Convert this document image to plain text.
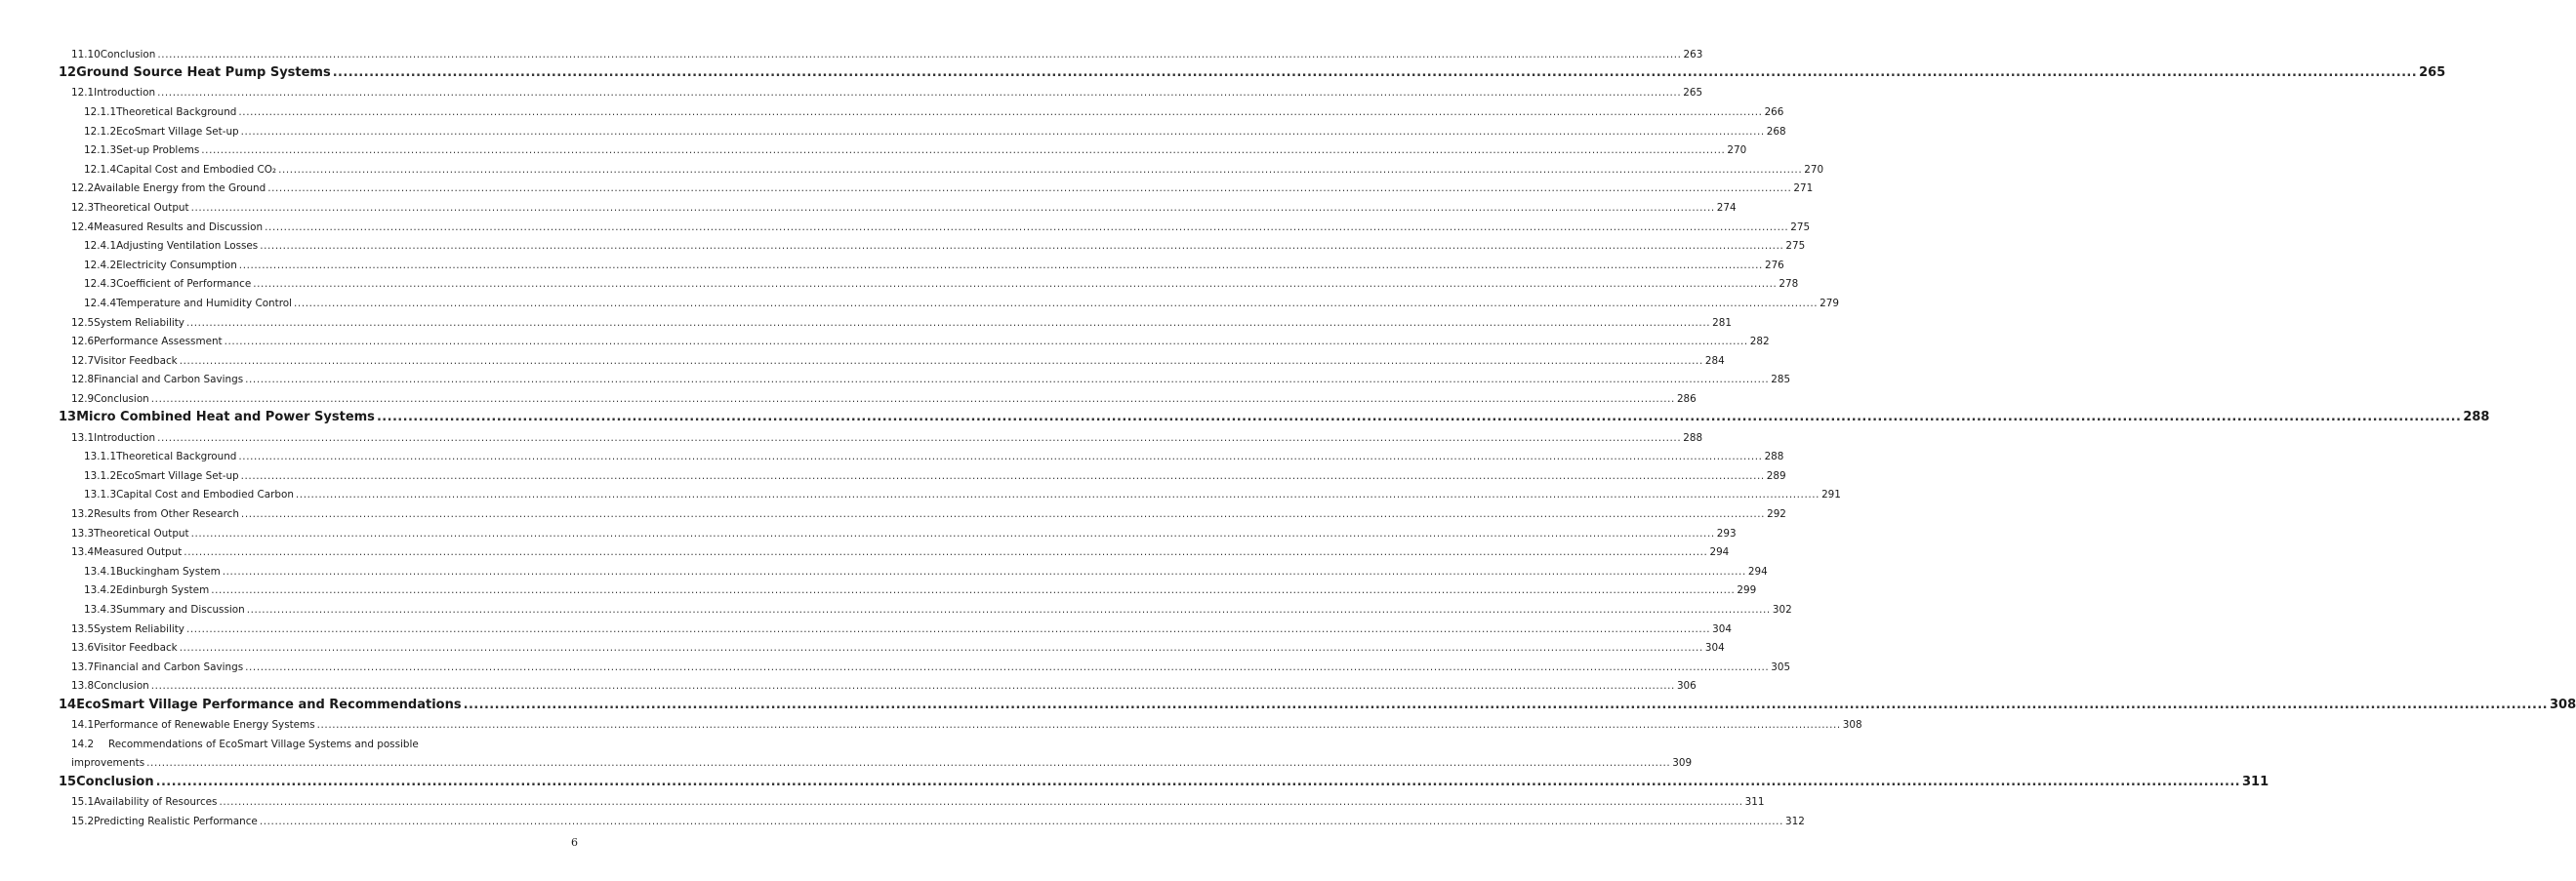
11.10 Conclusion ................................................................................................................................................................................................................................................................................................................................................................................................................ 263
12 Ground Source Heat Pump Systems ................................................................................................................................................................................................................................................................................................................................................................................................................ 265
12.1 Introduction ................................................................................................................................................................................................................................................................................................................................................................................................................ 265
12.1.1 Theoretical Background ................................................................................................................................................................................................................................................................................................................................................................................................................ 266
12.1.2 EcoSmart Village Set-up ................................................................................................................................................................................................................................................................................................................................................................................................................ 268
12.1.3 Set-up Problems ................................................................................................................................................................................................................................................................................................................................................................................................................ 270
12.1.4 Capital Cost and Embodied CO₂ ................................................................................................................................................................................................................................................................................................................................................................................................................ 270
12.2 Available Energy from the Ground ................................................................................................................................................................................................................................................................................................................................................................................................................ 271
12.3 Theoretical Output ................................................................................................................................................................................................................................................................................................................................................................................................................ 274
12.4 Measured Results and Discussion ................................................................................................................................................................................................................................................................................................................................................................................................................ 275
12.4.1 Adjusting Ventilation Losses ................................................................................................................................................................................................................................................................................................................................................................................................................ 275
12.4.2 Electricity Consumption ................................................................................................................................................................................................................................................................................................................................................................................................................ 276
12.4.3 Coefficient of Performance ................................................................................................................................................................................................................................................................................................................................................................................................................ 278
12.4.4 Temperature and Humidity Control ................................................................................................................................................................................................................................................................................................................................................................................................................ 279
12.5 System Reliability ................................................................................................................................................................................................................................................................................................................................................................................................................ 281
12.6 Performance Assessment ................................................................................................................................................................................................................................................................................................................................................................................................................ 282
12.7 Visitor Feedback ................................................................................................................................................................................................................................................................................................................................................................................................................ 284
12.8 Financial and Carbon Savings ................................................................................................................................................................................................................................................................................................................................................................................................................ 285
12.9 Conclusion ................................................................................................................................................................................................................................................................................................................................................................................................................ 286
13 Micro Combined Heat and Power Systems ................................................................................................................................................................................................................................................................................................................................................................................................................ 288
13.1 Introduction ................................................................................................................................................................................................................................................................................................................................................................................................................ 288
13.1.1 Theoretical Background ................................................................................................................................................................................................................................................................................................................................................................................................................ 288
13.1.2 EcoSmart Village Set-up ................................................................................................................................................................................................................................................................................................................................................................................................................ 289
13.1.3 Capital Cost and Embodied Carbon ................................................................................................................................................................................................................................................................................................................................................................................................................ 291
13.2 Results from Other Research ................................................................................................................................................................................................................................................................................................................................................................................................................ 292
13.3 Theoretical Output ................................................................................................................................................................................................................................................................................................................................................................................................................ 293
13.4 Measured Output ................................................................................................................................................................................................................................................................................................................................................................................................................ 294
13.4.1 Buckingham System ................................................................................................................................................................................................................................................................................................................................................................................................................ 294
13.4.2 Edinburgh System ................................................................................................................................................................................................................................................................................................................................................................................................................ 299
13.4.3 Summary and Discussion ................................................................................................................................................................................................................................................................................................................................................................................................................ 302
13.5 System Reliability ................................................................................................................................................................................................................................................................................................................................................................................................................ 304
13.6 Visitor Feedback ................................................................................................................................................................................................................................................................................................................................................................................................................ 304
13.7 Financial and Carbon Savings ................................................................................................................................................................................................................................................................................................................................................................................................................ 305
13.8 Conclusion ................................................................................................................................................................................................................................................................................................................................................................................................................ 306
14 EcoSmart Village Performance and Recommendations ................................................................................................................................................................................................................................................................................................................................................................................................................ 308
14.1 Performance of Renewable Energy Systems ................................................................................................................................................................................................................................................................................................................................................................................................................ 308
14.2	Recommendations of EcoSmart Village Systems and possible
improvements ................................................................................................................................................................................................................................................................................................................................................................................................................ 309
15 Conclusion ................................................................................................................................................................................................................................................................................................................................................................................................................ 311
15.1 Availability of Resources ................................................................................................................................................................................................................................................................................................................................................................................................................ 311
15.2 Predicting Realistic Performance ................................................................................................................................................................................................................................................................................................................................................................................................................ 312
6
